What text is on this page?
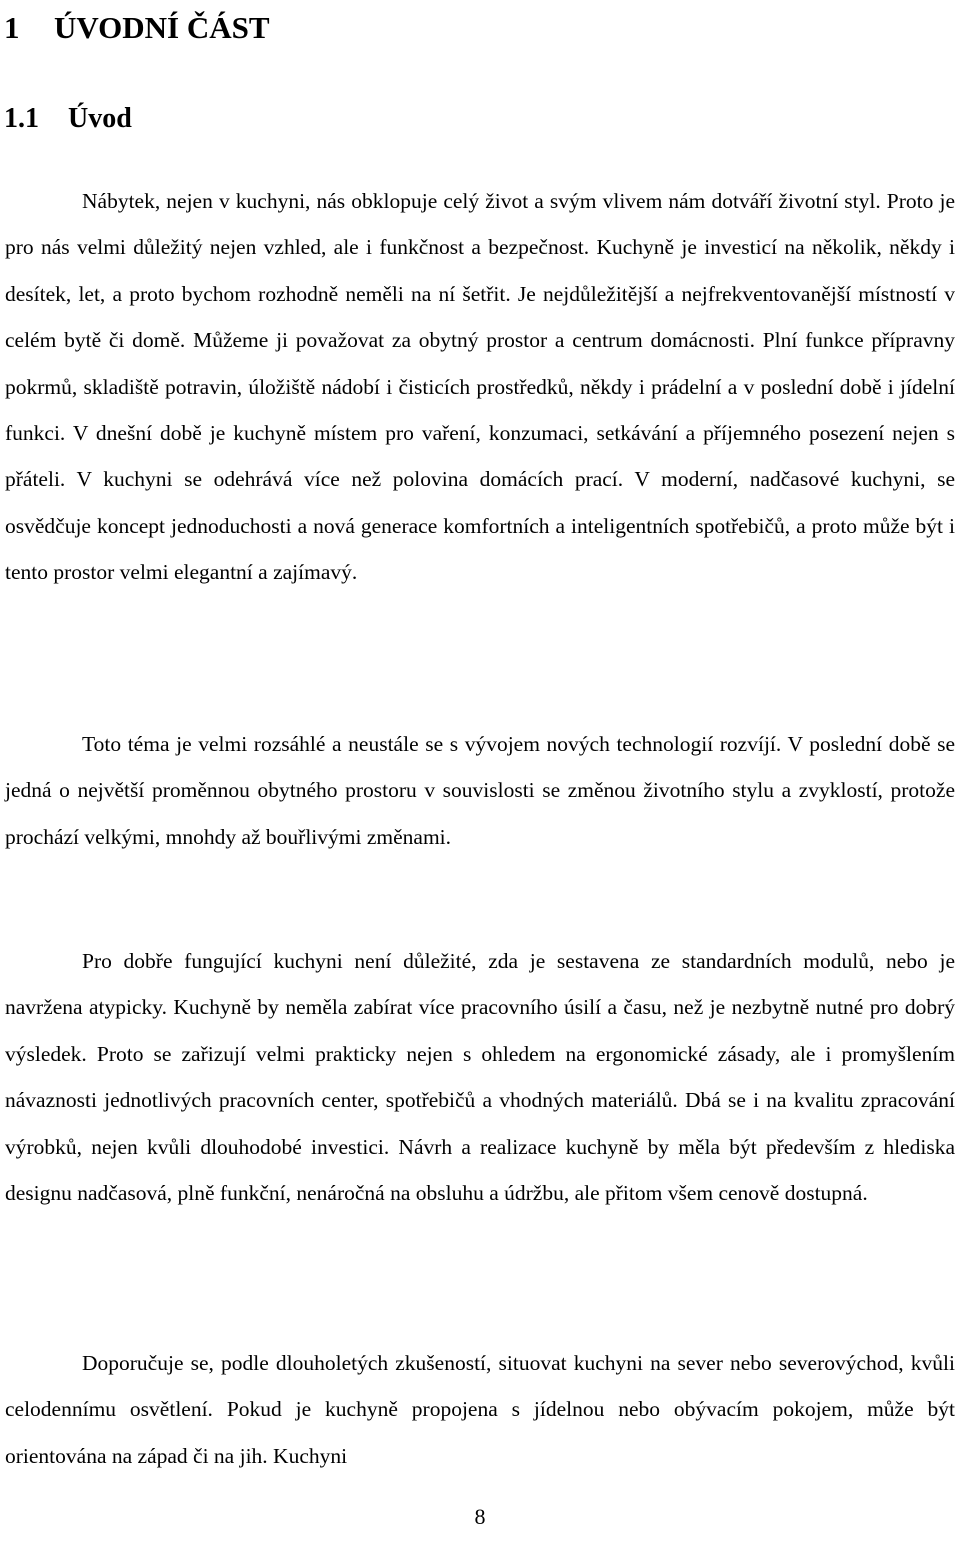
1 ÚVODNÍ ČÁST
1.1 Úvod

Nábytek, nejen v kuchyni, nás obklopuje celý život a svým vlivem nám dotváří životní styl. Proto je pro nás velmi důležitý nejen vzhled, ale i funkčnost a bezpečnost. Kuchyně je investicí na několik, někdy i desítek, let, a proto bychom rozhodně neměli na ní šetřit. Je nejdůležitější a nejfrekventovanější místností v celém bytě či domě. Můžeme ji považovat za obytný prostor a centrum domácnosti. Plní funkce přípravny pokrmů, skladiště potravin, úložiště nádobí i čisticích prostředků, někdy i prádelní a v poslední době i jídelní funkci. V dnešní době je kuchyně místem pro vaření, konzumaci, setkávání a příjemného posezení nejen s přáteli. V kuchyni se odehrává více než polovina domácích prací. V moderní, nadčasové kuchyni, se osvědčuje koncept jednoduchosti a nová generace komfortních a inteligentních spotřebičů, a proto může být i tento prostor velmi elegantní a zajímavý.

Toto téma je velmi rozsáhlé a neustále se s vývojem nových technologií rozvíjí. V poslední době se jedná o největší proměnnou obytného prostoru v souvislosti se změnou životního stylu a zvyklostí, protože prochází velkými, mnohdy až bouřlivými změnami.

Pro dobře fungující kuchyni není důležité, zda je sestavena ze standardních modulů, nebo je navržena atypicky. Kuchyně by neměla zabírat více pracovního úsilí a času, než je nezbytně nutné pro dobrý výsledek. Proto se zařizují velmi prakticky nejen s ohledem na ergonomické zásady, ale i promyšlením návaznosti jednotlivých pracovních center, spotřebičů a vhodných materiálů. Dbá se i na kvalitu zpracování výrobků, nejen kvůli dlouhodobé investici. Návrh a realizace kuchyně by měla být především z hlediska designu nadčasová, plně funkční, nenáročná na obsluhu a údržbu, ale přitom všem cenově dostupná.

Doporučuje se, podle dlouholetých zkušeností, situovat kuchyni na sever nebo severovýchod, kvůli celodennímu osvětlení. Pokud je kuchyně propojena s jídelnou nebo obývacím pokojem, může být orientována na západ či na jih. Kuchyni

8
